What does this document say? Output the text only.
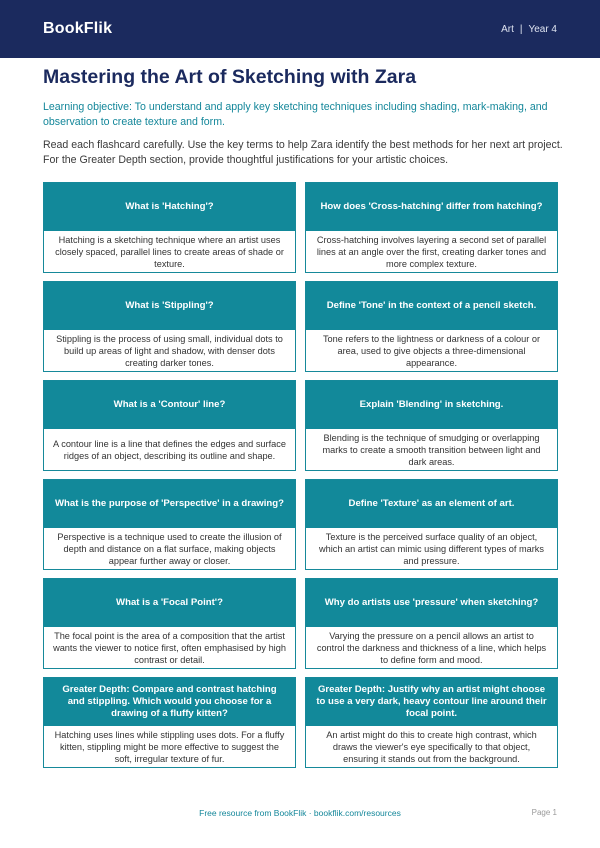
BookFlik	Art | Year 4
Mastering the Art of Sketching with Zara

Learning objective: To understand and apply key sketching techniques including shading, mark-making, and observation to create texture and form.

Read each flashcard carefully. Use the key terms to help Zara identify the best methods for her next art project. For the Greater Depth section, provide thoughtful justifications for your artistic choices.

What is 'Hatching'?
Hatching is a sketching technique where an artist uses closely spaced, parallel lines to create areas of shade or texture.
How does 'Cross-hatching' differ from hatching?
Cross-hatching involves layering a second set of parallel lines at an angle over the first, creating darker tones and more complex texture.
What is 'Stippling'?
Stippling is the process of using small, individual dots to build up areas of light and shadow, with denser dots creating darker tones.
Define 'Tone' in the context of a pencil sketch.
Tone refers to the lightness or darkness of a colour or area, used to give objects a three-dimensional appearance.
What is a 'Contour' line?
A contour line is a line that defines the edges and surface ridges of an object, describing its outline and shape.
Explain 'Blending' in sketching.
Blending is the technique of smudging or overlapping marks to create a smooth transition between light and dark areas.
What is the purpose of 'Perspective' in a drawing?
Perspective is a technique used to create the illusion of depth and distance on a flat surface, making objects appear further away or closer.
Define 'Texture' as an element of art.
Texture is the perceived surface quality of an object, which an artist can mimic using different types of marks and pressure.
What is a 'Focal Point'?
The focal point is the area of a composition that the artist wants the viewer to notice first, often emphasised by high contrast or detail.
Why do artists use 'pressure' when sketching?
Varying the pressure on a pencil allows an artist to control the darkness and thickness of a line, which helps to define form and mood.
Greater Depth: Compare and contrast hatching and stippling. Which would you choose for a drawing of a fluffy kitten?
Hatching uses lines while stippling uses dots. For a fluffy kitten, stippling might be more effective to suggest the soft, irregular texture of fur.
Greater Depth: Justify why an artist might choose to use a very dark, heavy contour line around their focal point.
An artist might do this to create high contrast, which draws the viewer's eye specifically to that object, ensuring it stands out from the background.
Free resource from BookFlik · bookflik.com/resources	Page 1
